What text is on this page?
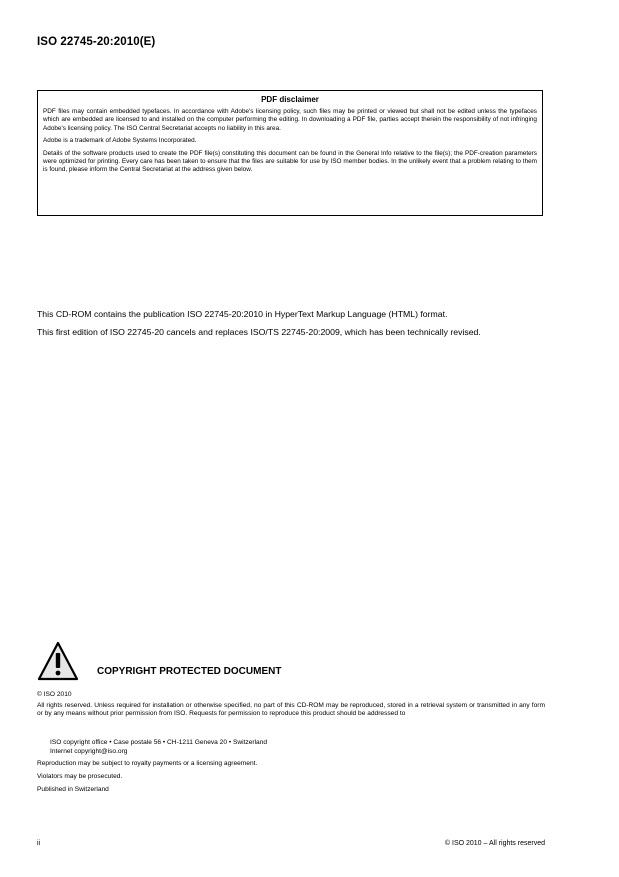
ISO 22745-20:2010(E)
PDF disclaimer

PDF files may contain embedded typefaces. In accordance with Adobe's licensing policy, such files may be printed or viewed but shall not be edited unless the typefaces which are embedded are licensed to and installed on the computer performing the editing. In downloading a PDF file, parties accept therein the responsibility of not infringing Adobe's licensing policy. The ISO Central Secretariat accepts no liability in this area.

Adobe is a trademark of Adobe Systems Incorporated.

Details of the software products used to create the PDF file(s) constituting this document can be found in the General Info relative to the file(s); the PDF-creation parameters were optimized for printing. Every care has been taken to ensure that the files are suitable for use by ISO member bodies. In the unlikely event that a problem relating to them is found, please inform the Central Secretariat at the address given below.

This CD-ROM contains the publication ISO 22745-20:2010 in HyperText Markup Language (HTML) format.

This first edition of ISO 22745-20 cancels and replaces ISO/TS 22745-20:2009, which has been technically revised.

COPYRIGHT PROTECTED DOCUMENT
© ISO 2010

All rights reserved. Unless required for installation or otherwise specified, no part of this CD-ROM may be reproduced, stored in a retrieval system or transmitted in any form or by any means without prior permission from ISO. Requests for permission to reproduce this product should be addressed to

ISO copyright office • Case postale 56 • CH-1211 Geneva 20 • Switzerland
Internet copyright@iso.org
Reproduction may be subject to royalty payments or a licensing agreement.
Violators may be prosecuted.
Published in Switzerland
ii	© ISO 2010 – All rights reserved
